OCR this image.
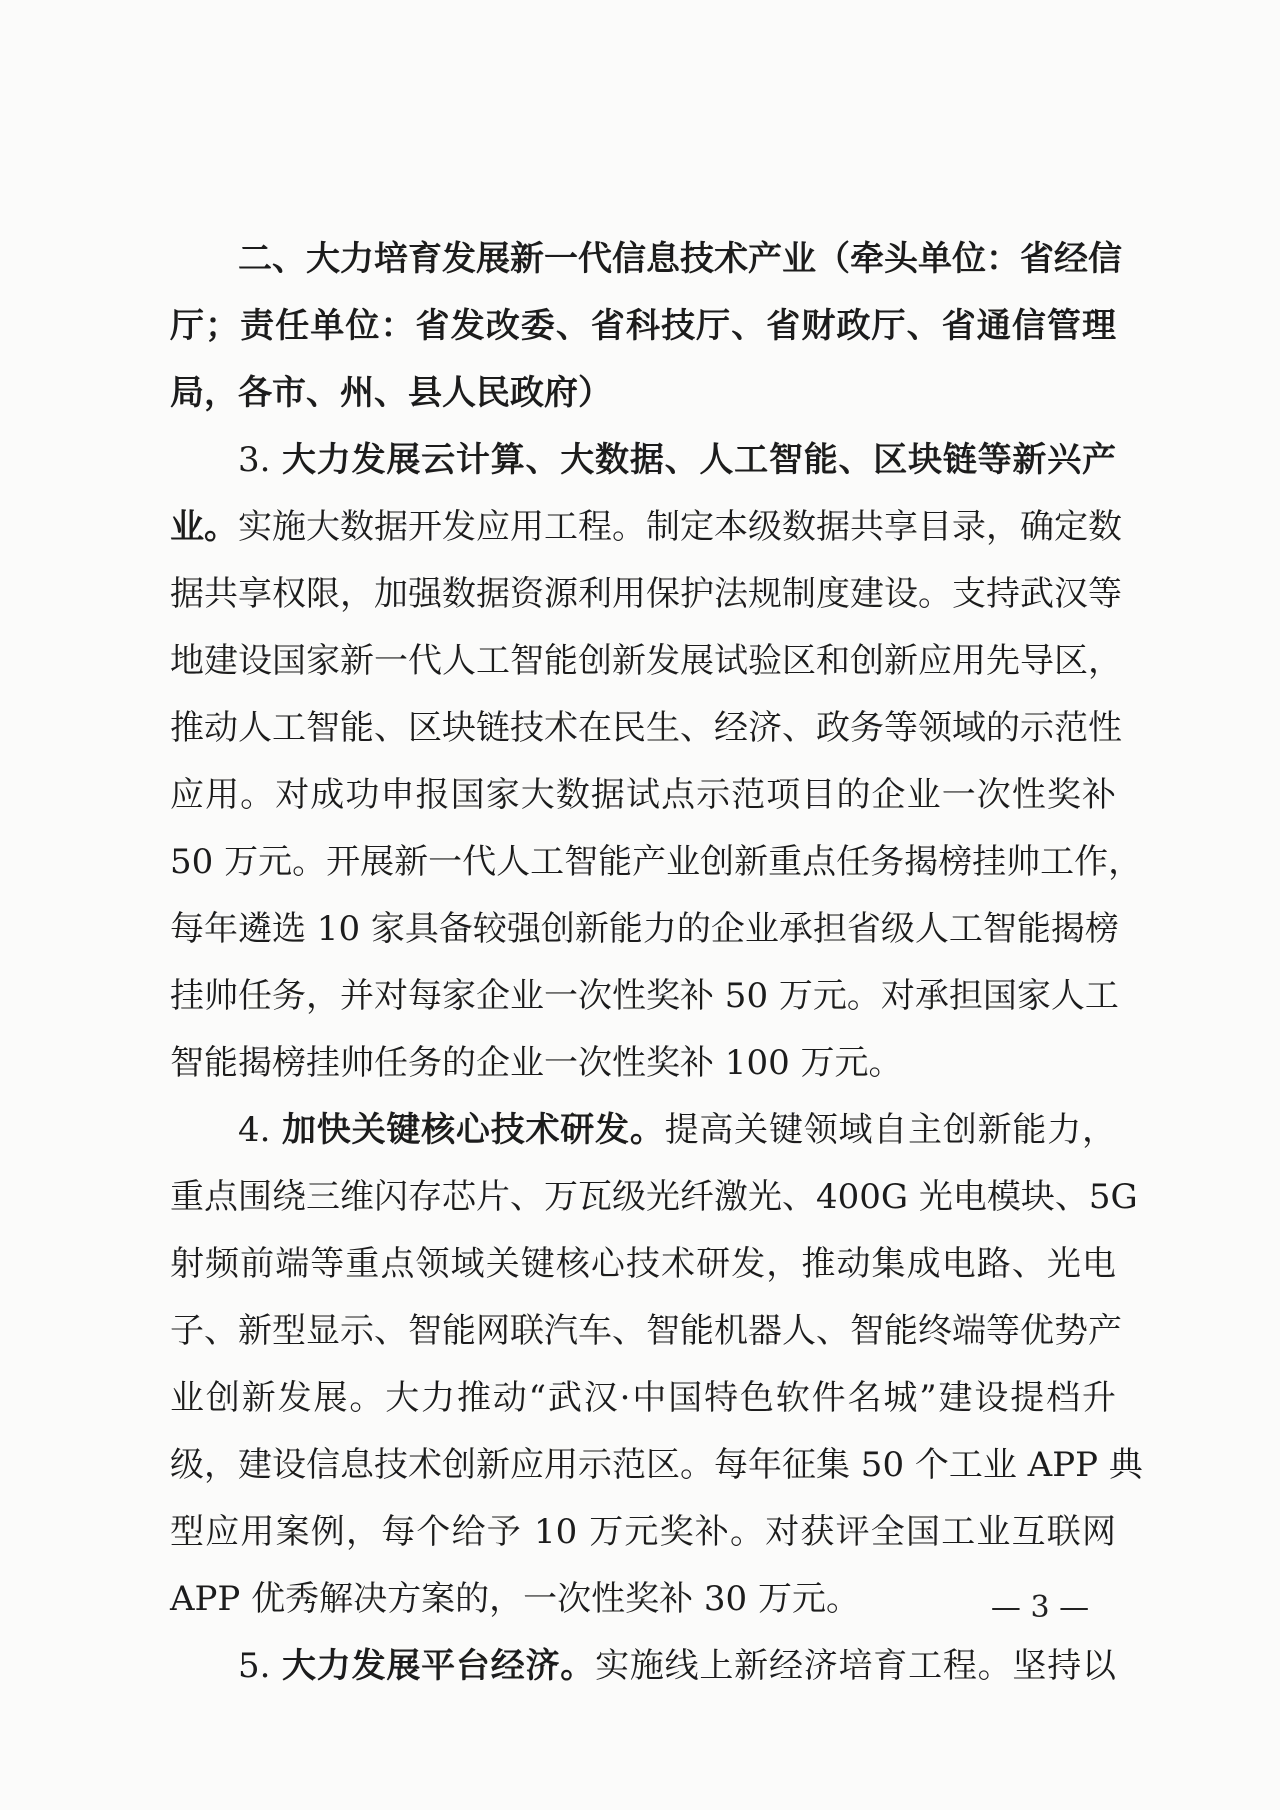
二、大力培育发展新一代信息技术产业（牵头单位：省经信
厅；责任单位：省发改委、省科技厅、省财政厅、省通信管理
局，各市、州、县人民政府）
3. 大力发展云计算、大数据、人工智能、区块链等新兴产
业。实施大数据开发应用工程。制定本级数据共享目录，确定数
据共享权限，加强数据资源利用保护法规制度建设。支持武汉等
地建设国家新一代人工智能创新发展试验区和创新应用先导区，
推动人工智能、区块链技术在民生、经济、政务等领域的示范性
应用。对成功申报国家大数据试点示范项目的企业一次性奖补
50 万元。开展新一代人工智能产业创新重点任务揭榜挂帅工作，
每年遴选 10 家具备较强创新能力的企业承担省级人工智能揭榜
挂帅任务，并对每家企业一次性奖补 50 万元。对承担国家人工
智能揭榜挂帅任务的企业一次性奖补 100 万元。
4. 加快关键核心技术研发。提高关键领域自主创新能力，
重点围绕三维闪存芯片、万瓦级光纤激光、400G 光电模块、5G
射频前端等重点领域关键核心技术研发，推动集成电路、光电
子、新型显示、智能网联汽车、智能机器人、智能终端等优势产
业创新发展。大力推动“武汉·中国特色软件名城”建设提档升
级，建设信息技术创新应用示范区。每年征集 50 个工业 APP 典
型应用案例，每个给予 10 万元奖补。对获评全国工业互联网
APP 优秀解决方案的，一次性奖补 30 万元。
5. 大力发展平台经济。实施线上新经济培育工程。坚持以
— 3 —
